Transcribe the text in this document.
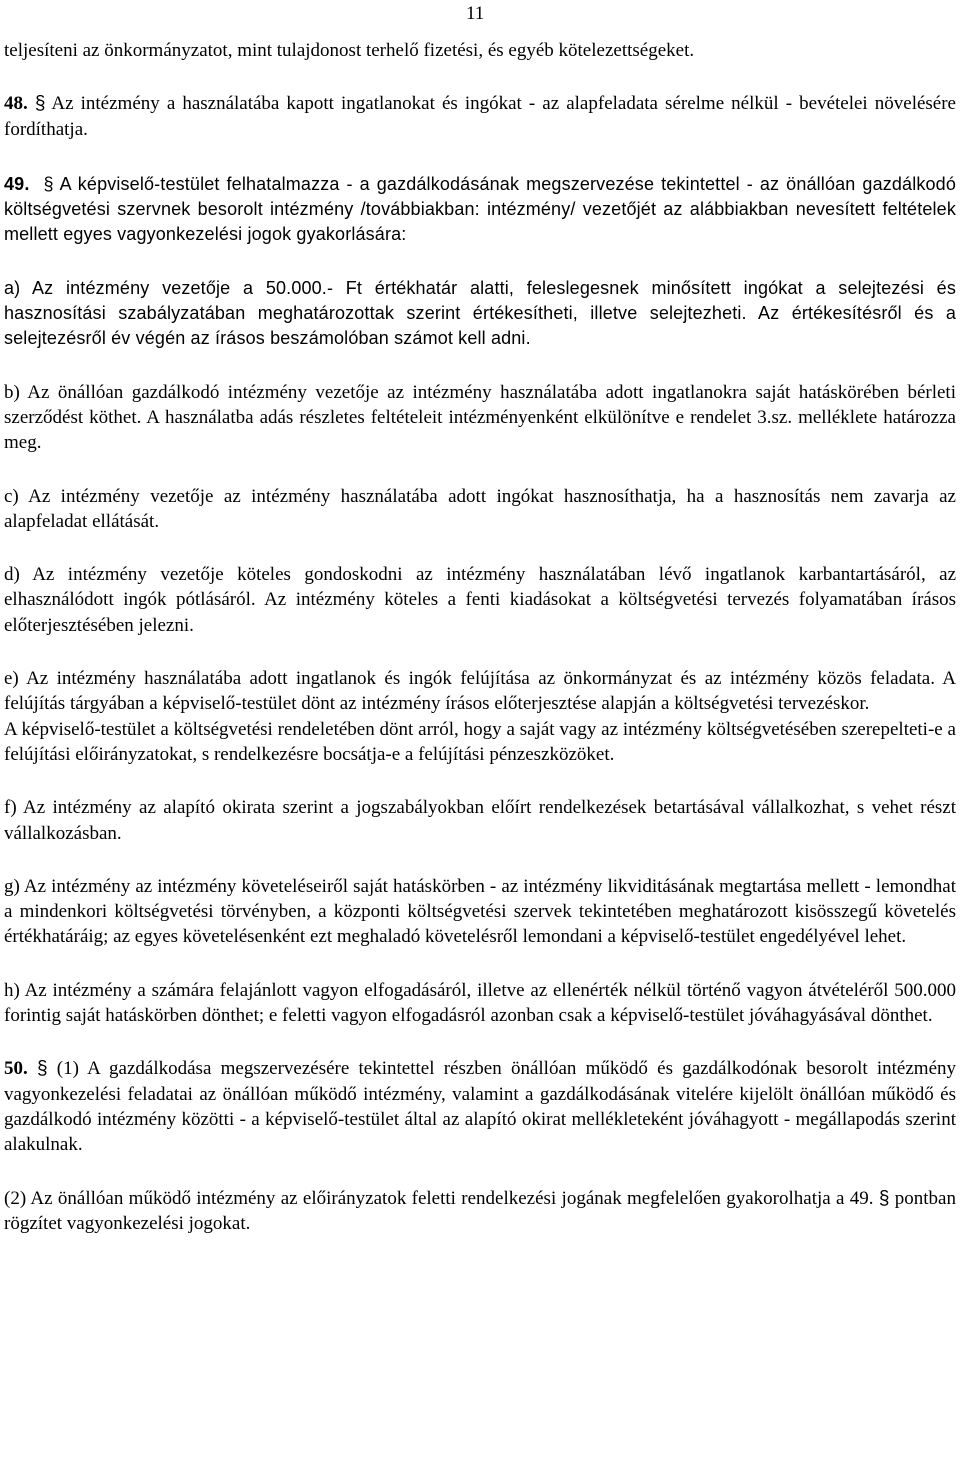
11

teljesíteni az önkormányzatot, mint tulajdonost terhelő fizetési, és egyéb kötelezettségeket.

48. § Az intézmény a használatába kapott ingatlanokat és ingókat - az alapfeladata sérelme nélkül - bevételei növelésére fordíthatja.

49. § A képviselő-testület felhatalmazza - a gazdálkodásának megszervezése tekintettel - az önállóan gazdálkodó költségvetési szervnek besorolt intézmény /továbbiakban: intézmény/ vezetőjét az alábbiakban nevesített feltételek mellett egyes vagyonkezelési jogok gyakorlására:

a) Az intézmény vezetője a 50.000.- Ft értékhatár alatti, feleslegesnek minősített ingókat a selejtezési és hasznosítási szabályzatában meghatározottak szerint értékesítheti, illetve selejtezheti. Az értékesítésről és a selejtezésről év végén az írásos beszámolóban számot kell adni.

b) Az önállóan gazdálkodó intézmény vezetője az intézmény használatába adott ingatlanokra saját hatáskörében bérleti szerződést köthet. A használatba adás részletes feltételeit intézményenként elkülönítve e rendelet 3.sz. melléklete határozza meg.

c) Az intézmény vezetője az intézmény használatába adott ingókat hasznosíthatja, ha a hasznosítás nem zavarja az alapfeladat ellátását.

d) Az intézmény vezetője köteles gondoskodni az intézmény használatában lévő ingatlanok karbantartásáról, az elhasználódott ingók pótlásáról. Az intézmény köteles a fenti kiadásokat a költségvetési tervezés folyamatában írásos előterjesztésében jelezni.

e) Az intézmény használatába adott ingatlanok és ingók felújítása az önkormányzat és az intézmény közös feladata. A felújítás tárgyában a képviselő-testület dönt az intézmény írásos előterjesztése alapján a költségvetési tervezéskor.

A képviselő-testület a költségvetési rendeletében dönt arról, hogy a saját vagy az intézmény költségvetésében szerepelteti-e a felújítási előirányzatokat, s rendelkezésre bocsátja-e a felújítási pénzeszközöket.

f) Az intézmény az alapító okirata szerint a jogszabályokban előírt rendelkezések betartásával vállalkozhat, s vehet részt vállalkozásban.

g) Az intézmény az intézmény követeléseiről saját hatáskörben - az intézmény likviditásának megtartása mellett - lemondhat a mindenkori költségvetési törvényben, a központi költségvetési szervek tekintetében meghatározott kisösszegű követelés értékhatáráig; az egyes követelésenként ezt meghaladó követelésről lemondani a képviselő-testület engedélyével lehet.

h) Az intézmény a számára felajánlott vagyon elfogadásáról, illetve az ellenérték nélkül történő vagyon átvételéről 500.000 forintig saját hatáskörben dönthet; e feletti vagyon elfogadásról azonban csak a képviselő-testület jóváhagyásával dönthet.

50. § (1) A gazdálkodása megszervezésére tekintettel részben önállóan működő és gazdálkodónak besorolt intézmény vagyonkezelési feladatai az önállóan működő intézmény, valamint a gazdálkodásának vitelére kijelölt önállóan működő és gazdálkodó intézmény közötti - a képviselő-testület által az alapító okirat mellékleteként jóváhagyott - megállapodás szerint alakulnak.

(2) Az önállóan működő intézmény az előirányzatok feletti rendelkezési jogának megfelelően gyakorolhatja a 49. § pontban rögzítet vagyonkezelési jogokat.
